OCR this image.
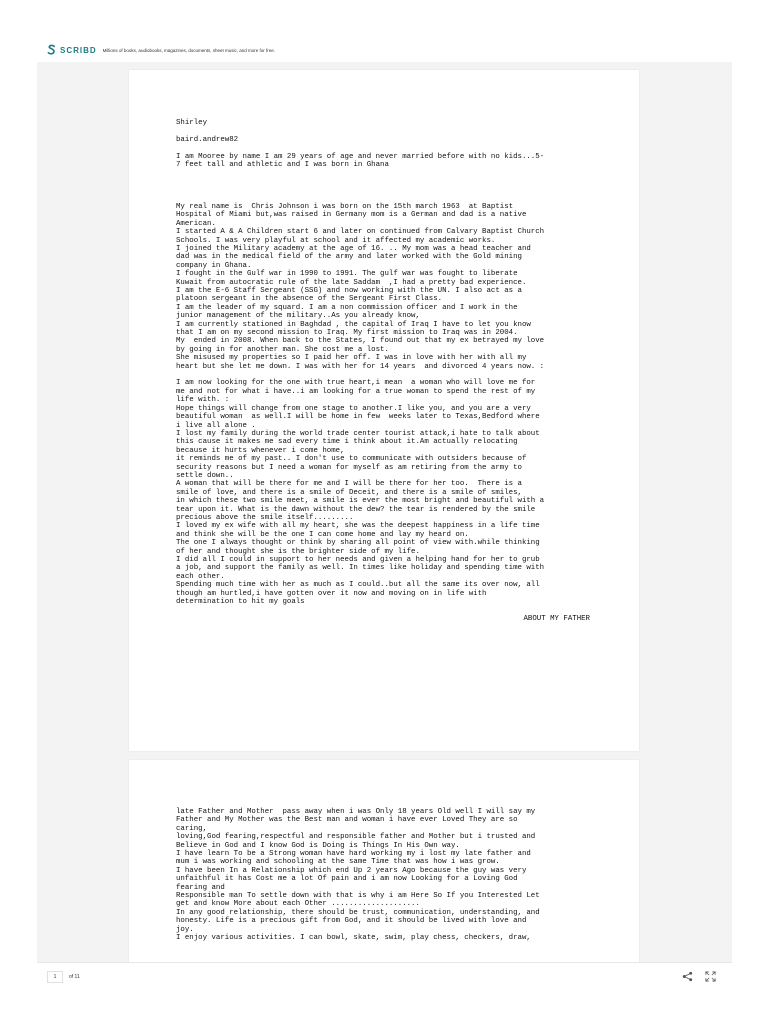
SCRIBD Millions of books, audiobooks, magazines, documents, sheet music, and more for free.
Shirley
baird.andrew82
I am Mooree by name I am 29 years of age and never married before with no kids...5-
7 feet tall and athletic and I was born in Ghana
My real name is  Chris Johnson i was born on the 15th march 1963  at Baptist
Hospital of Miami but,was raised in Germany mom is a German and dad is a native
American.
I started A & A Children start 6 and later on continued from Calvary Baptist Church
Schools. I was very playful at school and it affected my academic works.
I joined the Military academy at the age of 16. .. My mom was a head teacher and
dad was in the medical field of the army and later worked with the Gold mining
company in Ghana.
I fought in the Gulf war in 1990 to 1991. The gulf war was fought to liberate
Kuwait from autocratic rule of the late Saddam  ,I had a pretty bad experience.
I am the E-6 Staff Sergeant (SSG) and now working with the UN. I also act as a
platoon sergeant in the absence of the Sergeant First Class.
I am the leader of my squard. I am a non commission officer and I work in the
junior management of the military..As you already know,
I am currently stationed in Baghdad , the capital of Iraq I have to let you know
that I am on my second mission to Iraq. My first mission to Iraq was in 2004.
My  ended in 2008. When back to the States, I found out that my ex betrayed my love
by going in for another man. She cost me a lost.
She misused my properties so I paid her off. I was in love with her with all my
heart but she let me down. I was with her for 14 years  and divorced 4 years now. :
I am now looking for the one with true heart,i mean  a woman who will love me for
me and not for what i have..i am looking for a true woman to spend the rest of my
life with. :
Hope things will change from one stage to another.I like you, and you are a very
beautiful woman  as well.I will be home in few  weeks later to Texas,Bedford where
i live all alone .
I lost my family during the world trade center tourist attack,i hate to talk about
this cause it makes me sad every time i think about it.Am actually relocating
because it hurts whenever i come home,
it reminds me of my past.. I don't use to communicate with outsiders because of
security reasons but I need a woman for myself as am retiring from the army to
settle down..
A woman that will be there for me and I will be there for her too.  There is a
smile of love, and there is a smile of Deceit, and there is a smile of smiles,
in which these two smile meet, a smile is ever the most bright and beautiful with a
tear upon it. What is the dawn without the dew? the tear is rendered by the smile
precious above the smile itself.........
I loved my ex wife with all my heart, she was the deepest happiness in a life time
and think she will be the one I can come home and lay my heard on.
The one I always thought or think by sharing all point of view with.while thinking
of her and thought she is the brighter side of my life.
I did all I could in support to her needs and given a helping hand for her to grub
a job, and support the family as well. In times like holiday and spending time with
each other.
Spending much time with her as much as I could..but all the same its over now, all
though am hurtled,i have gotten over it now and moving on in life with
determination to hit my goals
ABOUT MY FATHER
late Father and Mother  pass away when i was Only 18 years Old well I will say my
Father and My Mother was the Best man and woman i have ever Loved They are so
caring,
loving,God fearing,respectful and responsible father and Mother but i trusted and
Believe in God and I know God is Doing is Things In His Own way.
I have learn To be a Strong woman have hard working my i lost my late father and
mum i was working and schooling at the same Time that was how i was grow.
I have been In a Relationship which end Up 2 years Ago because the guy was very
unfaithful it has Cost me a lot Of pain and i am now Looking for a Loving God
fearing and
Responsible man To settle down with that is why i am Here So If you Interested Let
get and know More about each Other ....................
In any good relationship, there should be trust, communication, understanding, and
honesty. Life is a precious gift from God, and it should be lived with love and
joy.
I enjoy various activities. I can bowl, skate, swim, play chess, checkers, draw,
1	of 11
